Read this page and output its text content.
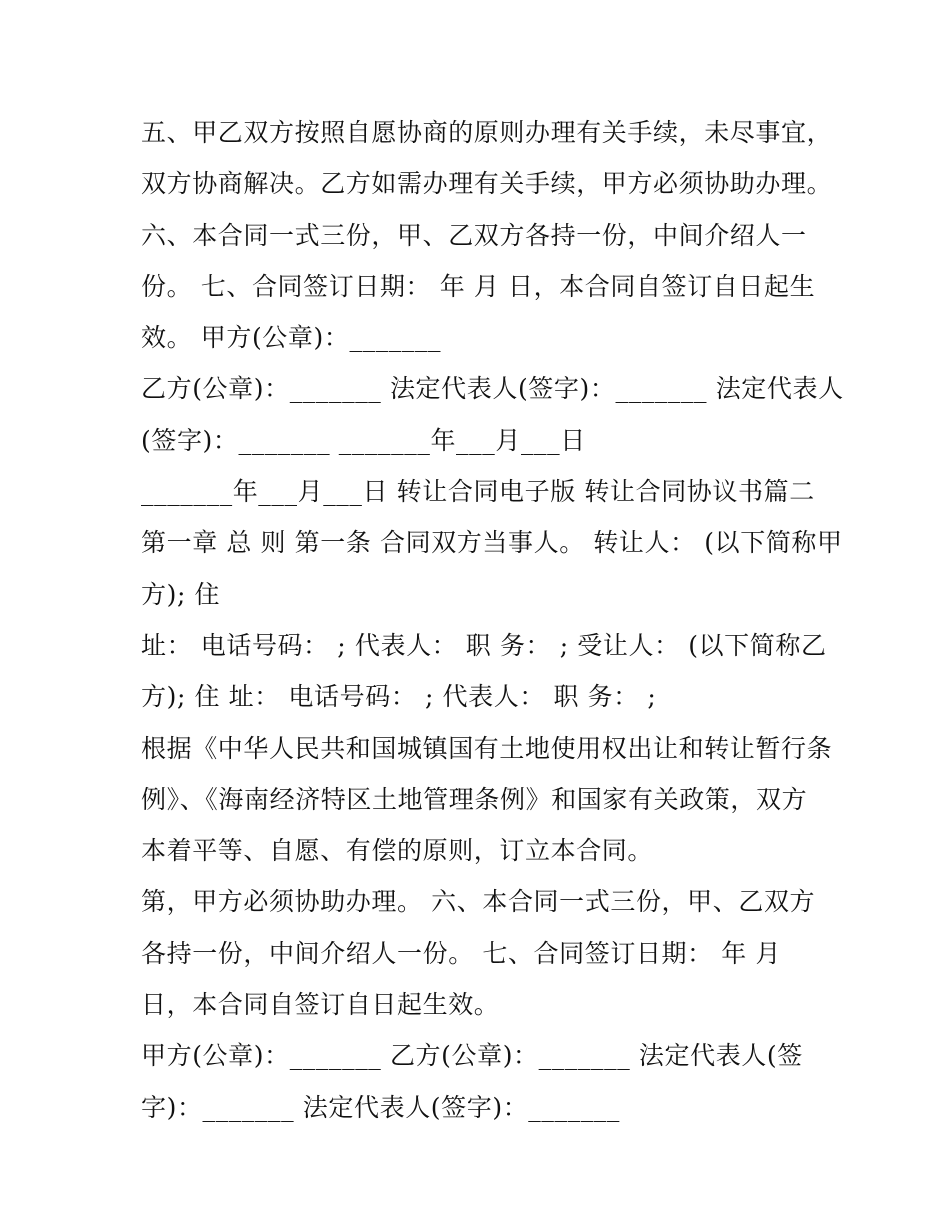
五、甲乙双方按照自愿协商的原则办理有关手续，未尽事宜，
双方协商解决。乙方如需办理有关手续，甲方必须协助办理。
六、本合同一式三份，甲、乙双方各持一份，中间介绍人一
份。 七、合同签订日期： 年 月 日，本合同自签订自日起生
效。 甲方(公章)：_______
乙方(公章)：_______ 法定代表人(签字)：_______ 法定代表人
(签字)：_______ _______年___月___日
_______年___月___日 转让合同电子版 转让合同协议书篇二
第一章 总 则 第一条 合同双方当事人。 转让人： (以下简称甲
方); 住
址： 电话号码： ; 代表人： 职 务： ; 受让人： (以下简称乙
方); 住 址： 电话号码： ; 代表人： 职 务： ;
根据《中华人民共和国城镇国有土地使用权出让和转让暂行条
例》、《海南经济特区土地管理条例》和国家有关政策，双方
本着平等、自愿、有偿的原则，订立本合同。
第，甲方必须协助办理。 六、本合同一式三份，甲、乙双方
各持一份，中间介绍人一份。 七、合同签订日期： 年 月
日，本合同自签订自日起生效。
甲方(公章)：_______ 乙方(公章)：_______ 法定代表人(签
字)：_______ 法定代表人(签字)：_______
